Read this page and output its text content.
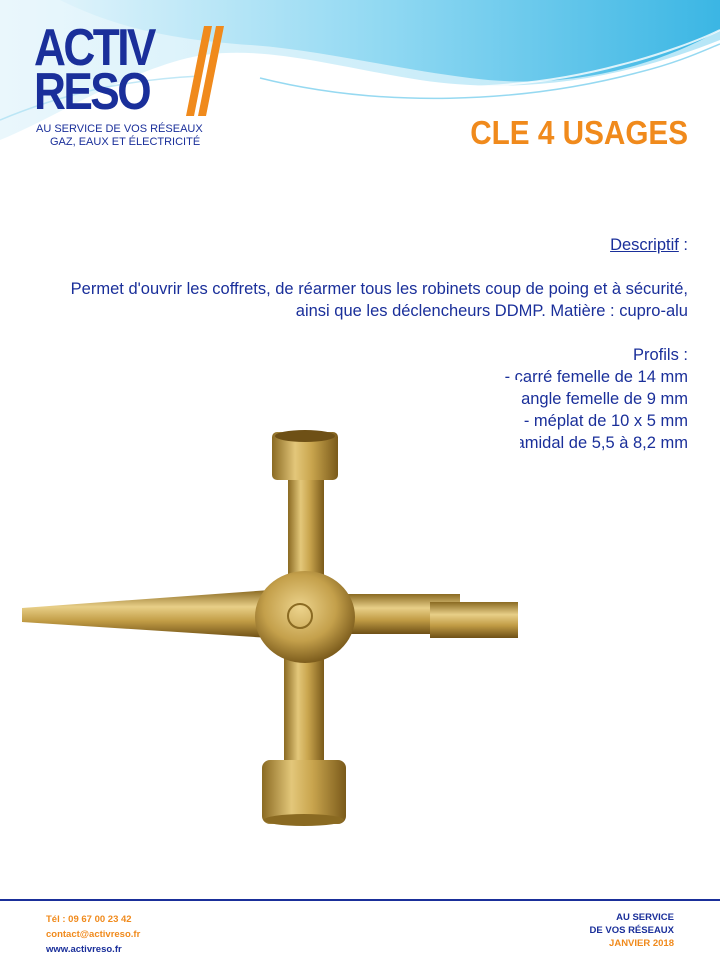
ACTIV
RESO
AU SERVICE DE VOS RÉSEAUX
GAZ, EAUX ET ÉLECTRICITÉ	CLE 4 USAGES
Descriptif :
Permet d'ouvrir les coffrets, de réarmer tous les robinets coup de poing et à sécurité, ainsi que les déclencheurs DDMP. Matière : cupro-alu
Profils :
- carré femelle de 14 mm
- triangle femelle de 9 mm
- méplat de 10 x 5 mm
- carré mâle pyramidal de 5,5 à 8,2 mm
Tél : 09 67 00 23 42
contact@activreso.fr
www.activreso.fr
AU SERVICE
DE VOS RÉSEAUX
JANVIER 2018
